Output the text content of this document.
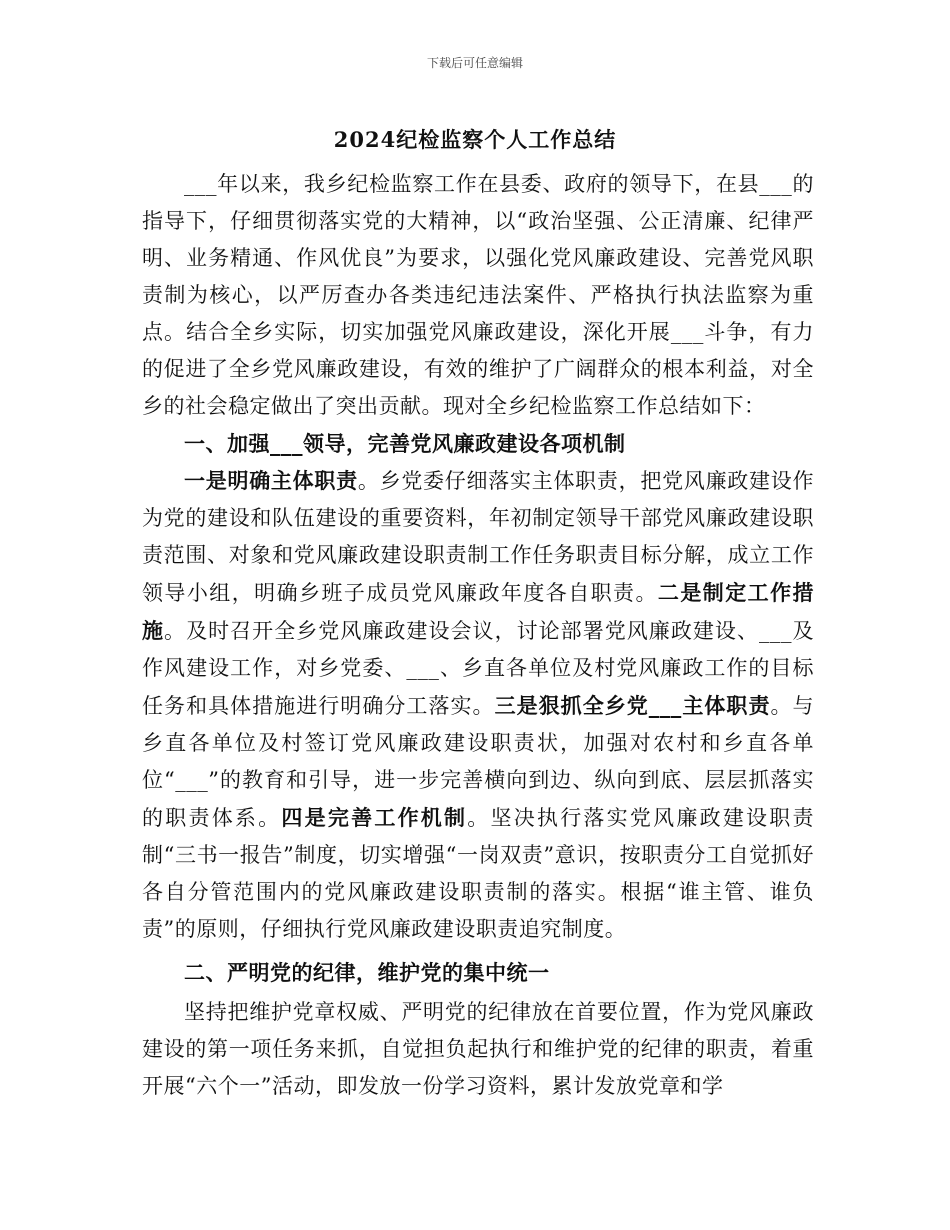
下载后可任意编辑
2024纪检监察个人工作总结

___年以来，我乡纪检监察工作在县委、政府的领导下，在县___的指导下，仔细贯彻落实党的大精神，以“政治坚强、公正清廉、纪律严明、业务精通、作风优良”为要求，以强化党风廉政建设、完善党风职责制为核心，以严厉查办各类违纪违法案件、严格执行执法监察为重点。结合全乡实际，切实加强党风廉政建设，深化开展___斗争，有力的促进了全乡党风廉政建设，有效的维护了广阔群众的根本利益，对全乡的社会稳定做出了突出贡献。现对全乡纪检监察工作总结如下：

一、加强___领导，完善党风廉政建设各项机制

一是明确主体职责。乡党委仔细落实主体职责，把党风廉政建设作为党的建设和队伍建设的重要资料，年初制定领导干部党风廉政建设职责范围、对象和党风廉政建设职责制工作任务职责目标分解，成立工作领导小组，明确乡班子成员党风廉政年度各自职责。二是制定工作措施。及时召开全乡党风廉政建设会议，讨论部署党风廉政建设、___及作风建设工作，对乡党委、___、乡直各单位及村党风廉政工作的目标任务和具体措施进行明确分工落实。三是狠抓全乡党___主体职责。与乡直各单位及村签订党风廉政建设职责状，加强对农村和乡直各单位“___”的教育和引导，进一步完善横向到边、纵向到底、层层抓落实的职责体系。四是完善工作机制。坚决执行落实党风廉政建设职责制“三书一报告”制度，切实增强“一岗双责”意识，按职责分工自觉抓好各自分管范围内的党风廉政建设职责制的落实。根据“谁主管、谁负责”的原则，仔细执行党风廉政建设职责追究制度。

二、严明党的纪律，维护党的集中统一

坚持把维护党章权威、严明党的纪律放在首要位置，作为党风廉政建设的第一项任务来抓，自觉担负起执行和维护党的纪律的职责，着重开展“六个一”活动，即发放一份学习资料，累计发放党章和学
